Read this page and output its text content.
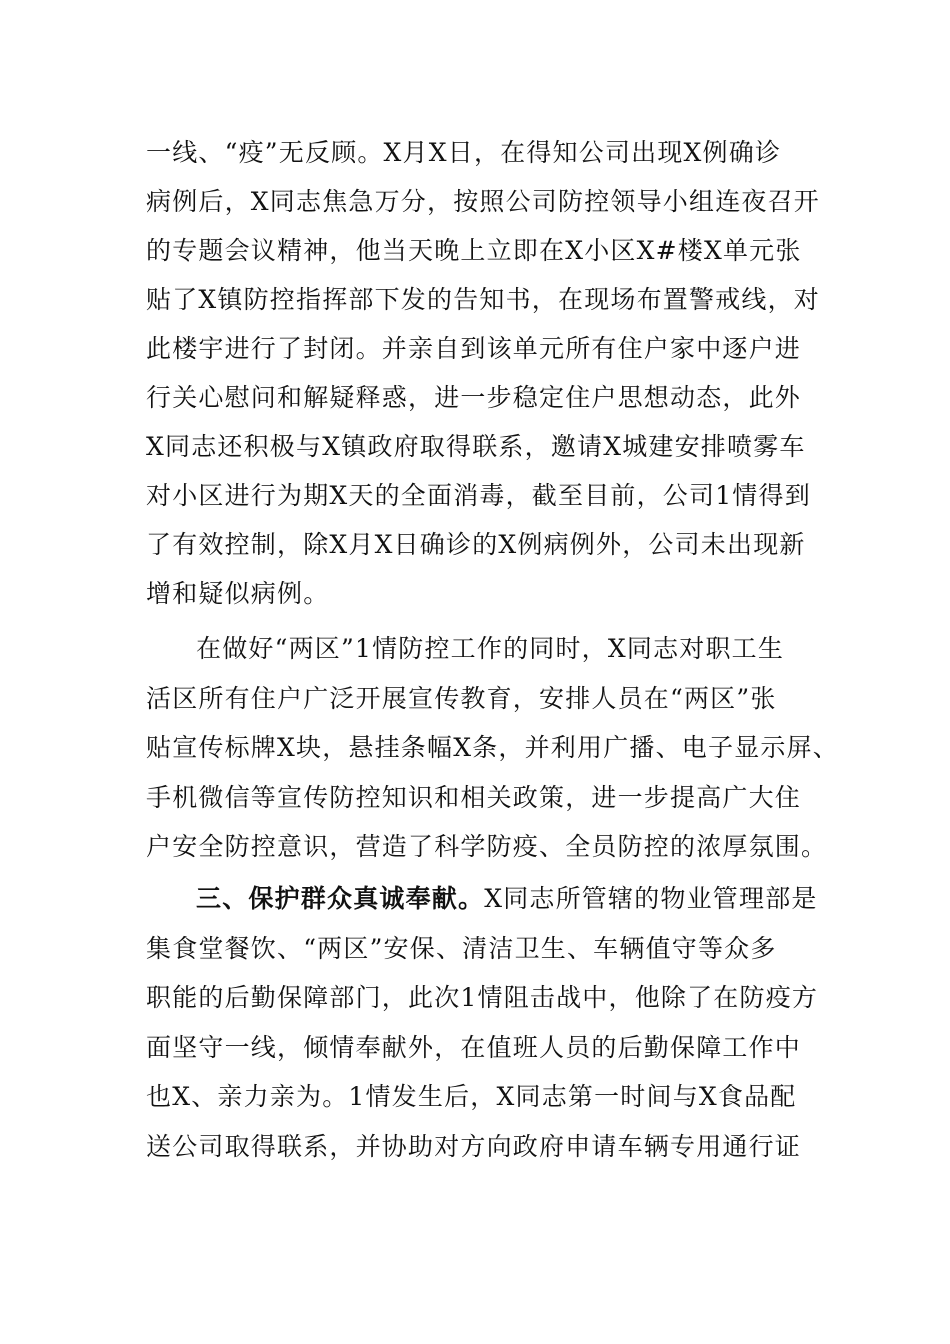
一线、“疫”无反顾。X月X日，在得知公司出现X例确诊
病例后，X同志焦急万分，按照公司防控领导小组连夜召开
的专题会议精神，他当天晚上立即在X小区X#楼X单元张
贴了X镇防控指挥部下发的告知书，在现场布置警戒线，对
此楼宇进行了封闭。并亲自到该单元所有住户家中逐户进
行关心慰问和解疑释惑，进一步稳定住户思想动态，此外
X同志还积极与X镇政府取得联系，邀请X城建安排喷雾车
对小区进行为期X天的全面消毒，截至目前，公司1情得到
了有效控制，除X月X日确诊的X例病例外，公司未出现新
增和疑似病例。
在做好“两区”1情防控工作的同时，X同志对职工生
活区所有住户广泛开展宣传教育，安排人员在“两区”张
贴宣传标牌X块，悬挂条幅X条，并利用广播、电子显示屏、
手机微信等宣传防控知识和相关政策，进一步提高广大住
户安全防控意识，营造了科学防疫、全员防控的浓厚氛围。
三、保护群众真诚奉献。X同志所管辖的物业管理部是
集食堂餐饮、“两区”安保、清洁卫生、车辆值守等众多
职能的后勤保障部门，此次1情阻击战中，他除了在防疫方
面坚守一线，倾情奉献外，在值班人员的后勤保障工作中
也X、亲力亲为。1情发生后，X同志第一时间与X食品配
送公司取得联系，并协助对方向政府申请车辆专用通行证
